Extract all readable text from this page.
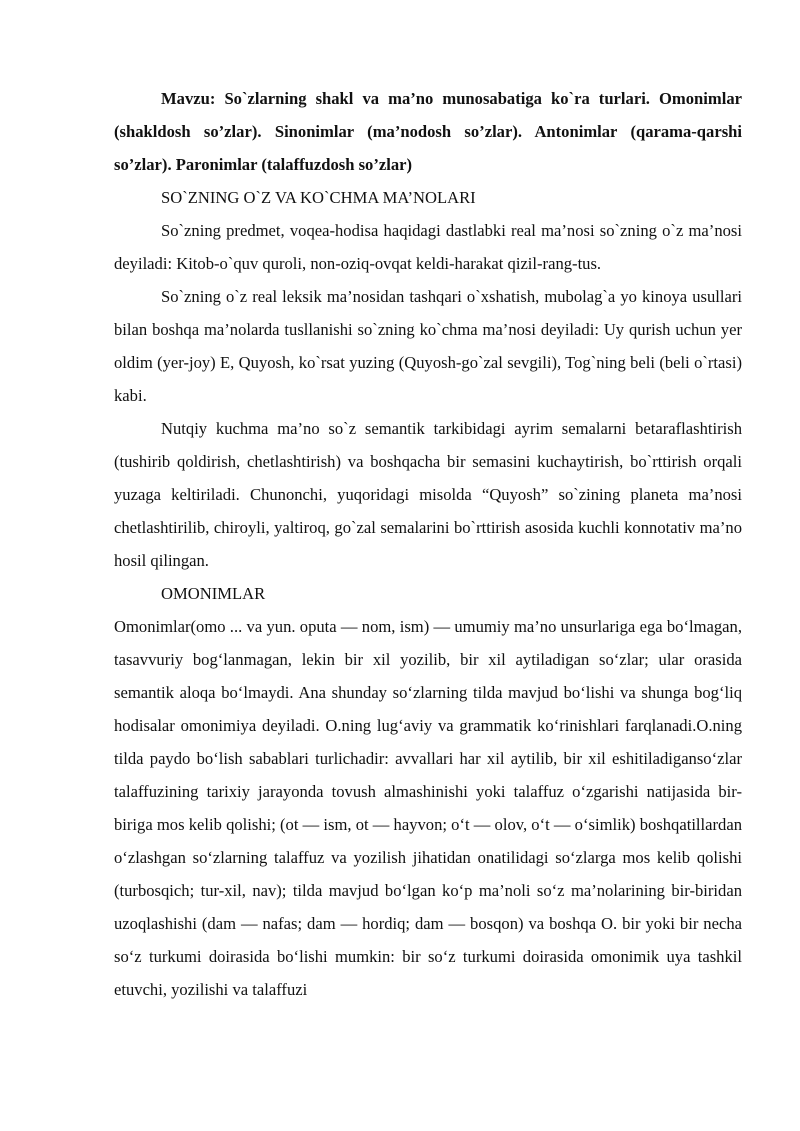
Mavzu: So`zlarning shakl va ma’no munosabatiga ko`ra turlari. Omonimlar (shakldosh so’zlar). Sinonimlar (ma’nodosh so’zlar). Antonimlar (qarama-qarshi so’zlar). Paronimlar (talaffuzdosh so’zlar)

SO`ZNING O`Z VA KO`CHMA MA’NOLARI

So`zning predmet, voqea-hodisa haqidagi dastlabki real ma’nosi so`zning o`z ma’nosi deyiladi: Kitob-o`quv quroli, non-oziq-ovqat keldi-harakat qizil-rang-tus.

So`zning o`z real leksik ma’nosidan tashqari o`xshatish, mubolag`a yo kinoya usullari bilan boshqa ma’nolarda tusllanishi so`zning ko`chma ma’nosi deyiladi: Uy qurish uchun yer oldim (yer-joy) E, Quyosh, ko`rsat yuzing (Quyosh-go`zal sevgili), Tog`ning beli (beli o`rtasi) kabi.

Nutqiy kuchma ma’no so`z semantik tarkibidagi ayrim semalarni betaraflashtirish (tushirib qoldirish, chetlashtirish) va boshqacha bir semasini kuchaytirish, bo`rttirish orqali yuzaga keltiriladi. Chunonchi, yuqoridagi misolda “Quyosh” so`zining planeta ma’nosi chetlashtirilib, chiroyli, yaltiroq, go`zal semalarini bo`rttirish asosida kuchli konnotativ ma’no hosil qilingan.

OMONIMLAR

Omonimlar(omo ... va yun. oputa — nom, ism) — umumiy ma’no unsurlariga ega bo‘lmagan, tasavvuriy bog‘lanmagan, lekin bir xil yozilib, bir xil aytiladigan so‘zlar; ular orasida semantik aloqa bo‘lmaydi. Ana shunday so‘zlarning tilda mavjud bo‘lishi va shunga bog‘liq hodisalar omonimiya deyiladi. O.ning lug‘aviy va grammatik ko‘rinishlari farqlanadi.O.ning tilda paydo bo‘lish sabablari turlichadir: avvallari har xil aytilib, bir xil eshitiladiganso‘zlar talaffuzining tarixiy jarayonda tovush almashinishi yoki talaffuz o‘zgarishi natijasida bir-biriga mos kelib qolishi; (ot — ism, ot — hayvon; o‘t — olov, o‘t — o‘simlik) boshqatillardan o‘zlashgan so‘zlarning talaffuz va yozilish jihatidan onatilidagi so‘zlarga mos kelib qolishi (turbosqich; tur-xil, nav); tilda mavjud bo‘lgan ko‘p ma’noli so‘z ma’nolarining bir-biridan uzoqlashishi (dam — nafas; dam — hordiq; dam — bosqon) va boshqa O. bir yoki bir necha so‘z turkumi doirasida bo‘lishi mumkin: bir so‘z turkumi doirasida omonimik uya tashkil etuvchi, yozilishi va talaffuzi
